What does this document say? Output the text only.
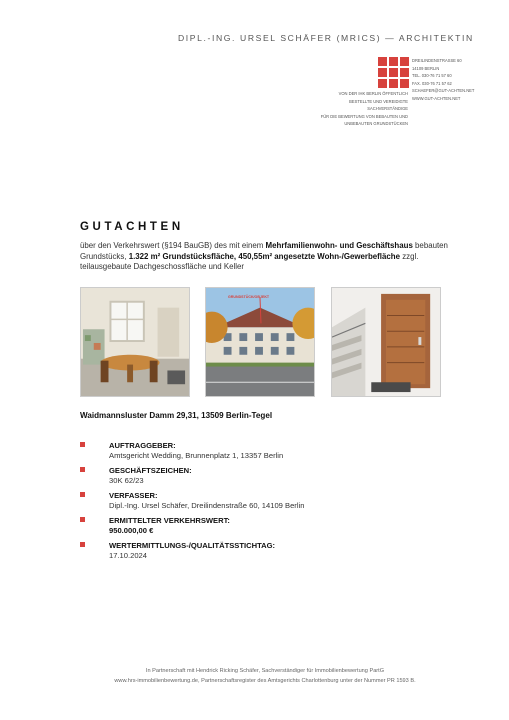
DIPL.-ING. URSEL SCHÄFER (MRICS) — ARCHITEKTIN
DREILINDENSTRASSE 60
14109 BERLIN
TEL. 030-76 71 57 60
FAX. 030-76 71 57 62
SCHAEFER@GUT-ACHTEN.NET
WWW.GUT-ACHTEN.NET
VON DER IHK BERLIN ÖFFENTLICH
BESTELLTE UND VEREIDIGTE
SACHVERSTÄNDIGE
FÜR DIE BEWERTUNG VON BEBAUTEN UND
UNBEBAUTEN GRUNDSTÜCKEN
GUTACHTEN
über den Verkehrswert (§194 BauGB) des mit einem Mehrfamilienwohn- und Geschäftshaus bebauten Grundstücks, 1.322 m² Grundstücksfläche, 450,55m² angesetzte Wohn-/Gewerbefläche zzgl. teilausgebaute Dachgeschossfläche und Keller
GRUNDSTÜCK/OBJEKT
Waidmannsluster Damm 29,31, 13509 Berlin-Tegel
AUFTRAGGEBER:
Amtsgericht Wedding, Brunnenplatz 1, 13357 Berlin
GESCHÄFTSZEICHEN:
30K 62/23
VERFASSER:
Dipl.-Ing. Ursel Schäfer, Dreilindenstraße 60, 14109 Berlin
ERMITTELTER VERKEHRSWERT:
950.000,00 €
WERTERMITTLUNGS-/QUALITÄTSSTICHTAG:
17.10.2024
In Partnerschaft mit Hendrick Ricking Schäfer, Sachverständiger für Immobilienbewertung PartG
www.hrs-immobilienbewertung.de, Partnerschaftsregister des Amtsgerichts Charlottenburg unter der Nummer PR 1593 B.
